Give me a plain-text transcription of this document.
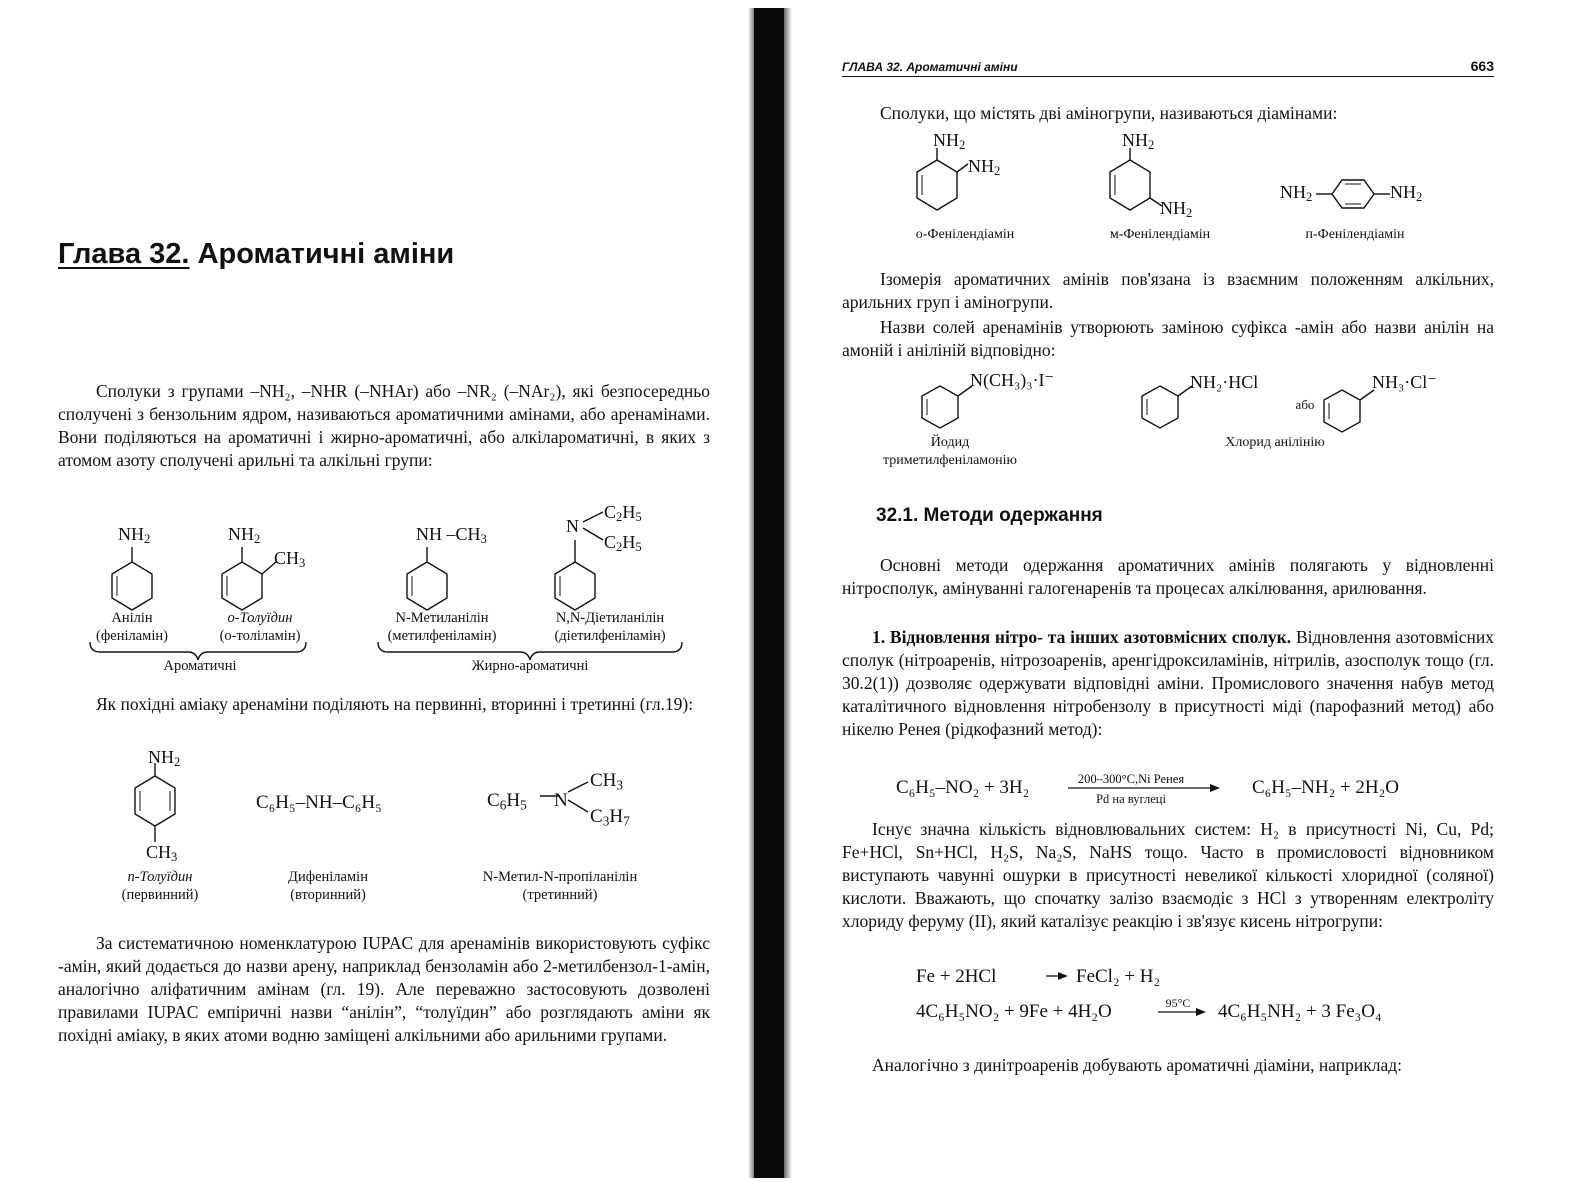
Глава 32. Ароматичні аміни
Сполуки з групами –NH₂, –NHR (–NHAr) або –NR₂ (–NAr₂), які безпосередньо сполучені з бензольним ядром, називаються ароматичними амінами, або аренамінами. Вони поділяються на ароматичні і жирно-ароматичні, або алкіларoматичні, в яких з атомом азоту сполучені арильні та алкільні групи:
$NH_2$	$NH_2$
$CH_3$
NH $-CH_3$
N
$C_2H_5$
$C_2H_5$
Анілін
(феніламін)
о-Толуїдин
(о-толіламін)
N-Метиланілін
(метилфеніламін)
N,N-Діетиланілін
(діетилфеніламін)
Ароматичні	Жирно-ароматичні
Як похідні аміаку аренаміни поділяють на первинні, вторинні і третинні (гл.19):
$NH_2$
$CH_3$
C₆H₅–NH–C₆H₅	$C_6H_5$ N
$CH_3$
$C_3H_7$
п-Толуїдин
(первинний)
Дифеніламін
(вторинний)
N-Метил-N-пропіланілін
(третинний)
За систематичною номенклатурою IUPAC для аренамінів використовують суфікс -амін, який додається до назви арену, наприклад бензоламін або 2-метилбензол-1-амін, аналогічно аліфатичним амінам (гл. 19). Але переважно застосовують дозволені правилами IUPAC емпіричні назви “анілін”, “толуїдин” або розглядають аміни як похідні аміаку, в яких атоми водню заміщені алкільними або арильними групами.
ГЛАВА 32. Ароматичні аміни	663
Сполуки, що містять дві аміногрупи, називаються діамінами:
$NH_2$
$NH_2$
$NH_2$
$NH_2$
$NH_2$	$NH_2$
о-Фенілендіамін	м-Фенілендіамін	п-Фенілендіамін
Ізомерія ароматичних амінів пов'язана із взаємним положенням алкільних, арильних груп і аміногрупи.
Назви солей аренамінів утворюють заміною суфікса -амін або назви анілін на амоній і анілiній відповідно:
N(CH₃)₃·I⁻	NH₂·HCl
або
NH₃·Cl⁻
Йодид
триметилфеніламонію
Хлорид анілінію
32.1. Методи одержання
Основні методи одержання ароматичних амінів полягають у відновленні нітросполук, амінуванні галогенаренів та процесах алкілювання, арилювання.
1. Відновлення нітро- та інших азотовмісних сполук. Відновлення азотовмісних сполук (нітроаренів, нітрозоаренів, аренгідроксиламінів, нітрилів, азосполук тощо (гл. 30.2(1)) дозволяє одержувати відповідні аміни. Промислового значення набув метод каталітичного відновлення нітробензолу в присутності міді (парофазний метод) або нікелю Ренея (рідкофазний метод):
C₆H₅–NO₂ + 3H₂	200–300°C,Ni Ренея
Pd на вуглеці
C₆H₅–NH₂ + 2H₂O
Існує значна кількість відновлювальних систем: H₂ в присутності Ni, Cu, Pd; Fe+HCl, Sn+HCl, H₂S, Na₂S, NaHS тощо. Часто в промисловості відновником виступають чавунні ошурки в присутності невеликої кількості хлоридної (соляної) кислоти. Вважають, що спочатку залізо взаємодіє з HCl з утворенням електроліту хлориду феруму (II), який каталізує реакцію і зв'язує кисень нітрогрупи:
Fe + 2HCl	FeCl₂ + H₂
4C₆H₅NO₂ + 9Fe + 4H₂O	95°C	4C₆H₅NH₂ + 3 Fe₃O₄
Аналогічно з динітроаренів добувають ароматичні діаміни, наприклад:
